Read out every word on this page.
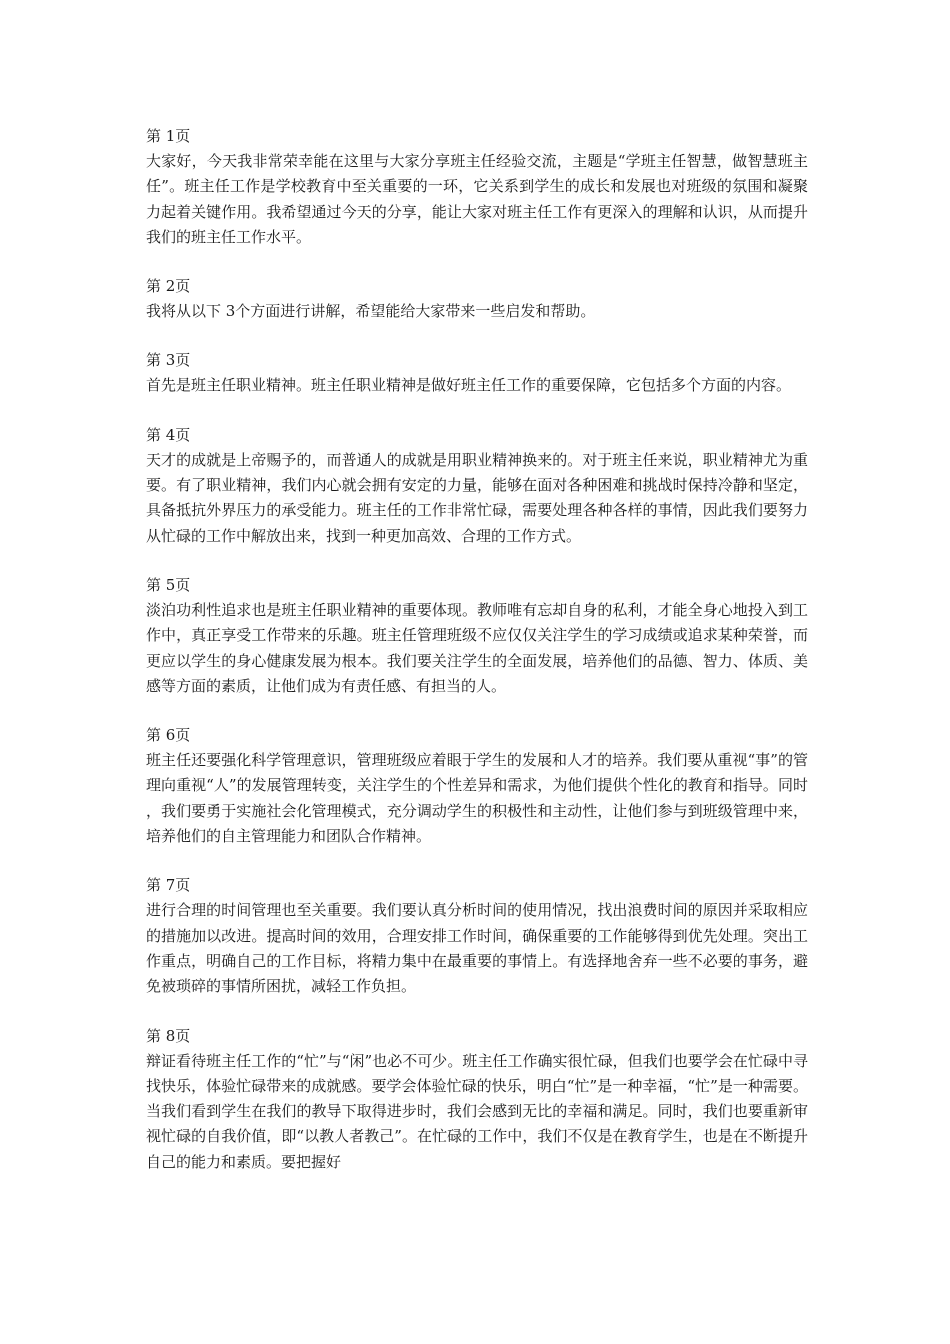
第 1页

大家好，今天我非常荣幸能在这里与大家分享班主任经验交流，主题是“学班主任智慧，做智慧班主任”。班主任工作是学校教育中至关重要的一环，它关系到学生的成长和发展也对班级的氛围和凝聚力起着关键作用。我希望通过今天的分享，能让大家对班主任工作有更深入的理解和认识，从而提升我们的班主任工作水平。

第 2页

我将从以下 3个方面进行讲解，希望能给大家带来一些启发和帮助。

第 3页

首先是班主任职业精神。班主任职业精神是做好班主任工作的重要保障，它包括多个方面的内容。

第 4页

天才的成就是上帝赐予的，而普通人的成就是用职业精神换来的。对于班主任来说，职业精神尤为重要。有了职业精神，我们内心就会拥有安定的力量，能够在面对各种困难和挑战时保持冷静和坚定，具备抵抗外界压力的承受能力。班主任的工作非常忙碌，需要处理各种各样的事情，因此我们要努力从忙碌的工作中解放出来，找到一种更加高效、合理的工作方式。

第 5页

淡泊功利性追求也是班主任职业精神的重要体现。教师唯有忘却自身的私利，才能全身心地投入到工作中，真正享受工作带来的乐趣。班主任管理班级不应仅仅关注学生的学习成绩或追求某种荣誉，而更应以学生的身心健康发展为根本。我们要关注学生的全面发展，培养他们的品德、智力、体质、美感等方面的素质，让他们成为有责任感、有担当的人。

第 6页

班主任还要强化科学管理意识，管理班级应着眼于学生的发展和人才的培养。我们要从重视“事”的管理向重视“人”的发展管理转变，关注学生的个性差异和需求，为他们提供个性化的教育和指导。同时，我们要勇于实施社会化管理模式，充分调动学生的积极性和主动性，让他们参与到班级管理中来，培养他们的自主管理能力和团队合作精神。

第 7页

进行合理的时间管理也至关重要。我们要认真分析时间的使用情况，找出浪费时间的原因并采取相应的措施加以改进。提高时间的效用，合理安排工作时间，确保重要的工作能够得到优先处理。突出工作重点，明确自己的工作目标，将精力集中在最重要的事情上。有选择地舍弃一些不必要的事务，避免被琐碎的事情所困扰，减轻工作负担。

第 8页

辩证看待班主任工作的“忙”与“闲”也必不可少。班主任工作确实很忙碌，但我们也要学会在忙碌中寻找快乐，体验忙碌带来的成就感。要学会体验忙碌的快乐，明白“忙”是一种幸福，“忙”是一种需要。当我们看到学生在我们的教导下取得进步时，我们会感到无比的幸福和满足。同时，我们也要重新审视忙碌的自我价值，即“以教人者教己”。在忙碌的工作中，我们不仅是在教育学生，也是在不断提升自己的能力和素质。要把握好
